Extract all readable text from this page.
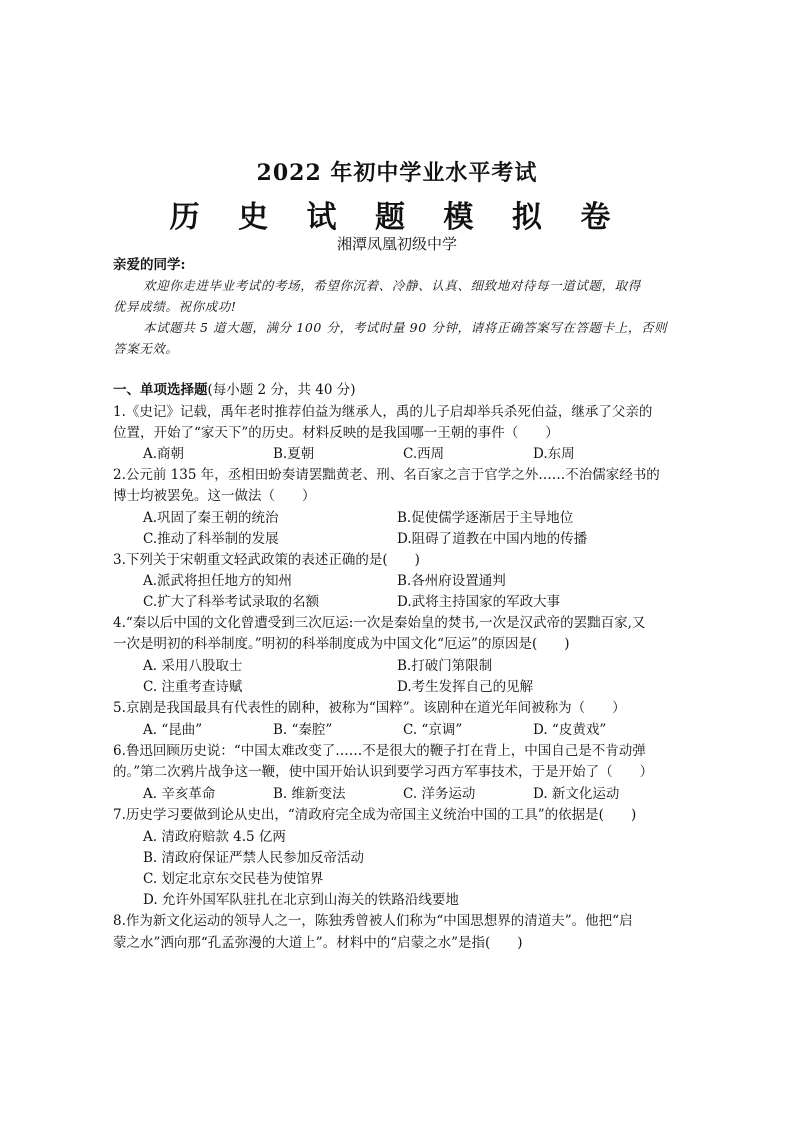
2022 年初中学业水平考试
历 史 试 题 模 拟 卷
湘潭凤凰初级中学
亲爱的同学:
欢迎你走进毕业考试的考场，希望你沉着、冷静、认真、细致地对待每一道试题，取得
优异成绩。祝你成功!
本试题共 5 道大题，满分 100 分，考试时量 90 分钟，请将正确答案写在答题卡上，否则
答案无效。
一、单项选择题(每小题 2 分，共 40 分)
1.《史记》记载，禹年老时推荐伯益为继承人，禹的儿子启却举兵杀死伯益，继承了父亲的
位置，开始了“家天下”的历史。材料反映的是我国哪一王朝的事件（　　）
A.商朝	B.夏朝	C.西周	D.东周
2.公元前 135 年，丞相田蚡奏请罢黜黄老、刑、名百家之言于官学之外……不治儒家经书的
博士均被罢免。这一做法（　　）
A.巩固了秦王朝的统治	B.促使儒学逐渐居于主导地位
C.推动了科举制的发展	D.阻碍了道教在中国内地的传播
3.下列关于宋朝重文轻武政策的表述正确的是(　　)
A.派武将担任地方的知州	B.各州府设置通判
C.扩大了科举考试录取的名额	D.武将主持国家的军政大事
4.“秦以后中国的文化曾遭受到三次厄运:一次是秦始皇的焚书,一次是汉武帝的罢黜百家,又
一次是明初的科举制度。”明初的科举制度成为中国文化“厄运”的原因是(　　)
A. 采用八股取士	B.打破门第限制
C. 注重考查诗赋	D.考生发挥自己的见解
5.京剧是我国最具有代表性的剧种，被称为“国粹”。该剧种在道光年间被称为（　　）
A. “昆曲”	B. “秦腔”	C. “京调”	D. “皮黄戏”
6.鲁迅回顾历史说：“中国太难改变了……不是很大的鞭子打在背上，中国自己是不肯动弹
的。”第二次鸦片战争这一鞭，使中国开始认识到要学习西方军事技术，于是开始了（　　）
A. 辛亥革命	B. 维新变法	C. 洋务运动	D. 新文化运动
7.历史学习要做到论从史出，“清政府完全成为帝国主义统治中国的工具”的依据是(　　)
A. 清政府赔款 4.5 亿两
B. 清政府保证严禁人民参加反帝活动
C. 划定北京东交民巷为使馆界
D. 允许外国军队驻扎在北京到山海关的铁路沿线要地
8.作为新文化运动的领导人之一，陈独秀曾被人们称为“中国思想界的清道夫”。他把“启
蒙之水”洒向那“孔孟弥漫的大道上”。材料中的“启蒙之水”是指(　　)
